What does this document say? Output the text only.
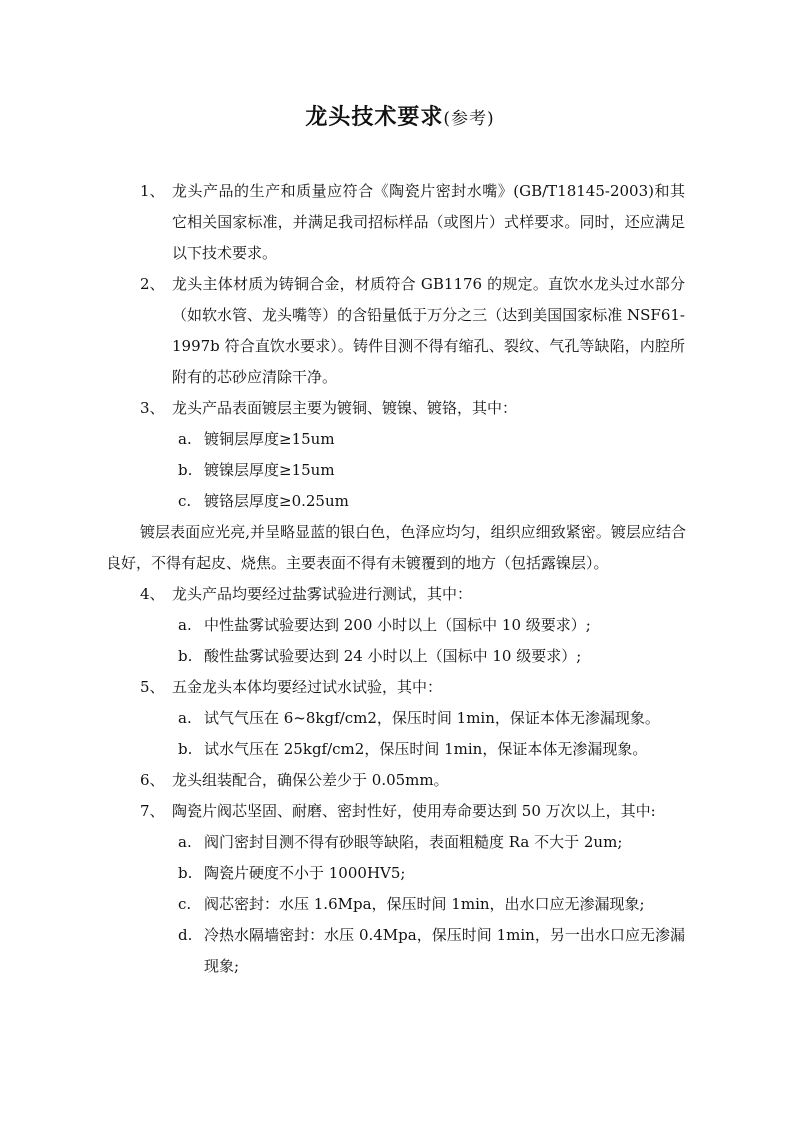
龙头技术要求(参考)
1、 龙头产品的生产和质量应符合《陶瓷片密封水嘴》(GB/T18145-2003)和其它相关国家标准，并满足我司招标样品（或图片）式样要求。同时，还应满足以下技术要求。
2、 龙头主体材质为铸铜合金，材质符合 GB1176 的规定。直饮水龙头过水部分（如软水管、龙头嘴等）的含铅量低于万分之三（达到美国国家标准 NSF61-1997b 符合直饮水要求）。铸件目测不得有缩孔、裂纹、气孔等缺陷，内腔所附有的芯砂应清除干净。
3、 龙头产品表面镀层主要为镀铜、镀镍、镀铬，其中：
a. 镀铜层厚度≥15um
b. 镀镍层厚度≥15um
c. 镀铬层厚度≥0.25um

镀层表面应光亮,并呈略显蓝的银白色，色泽应均匀，组织应细致紧密。镀层应结合良好，不得有起皮、烧焦。主要表面不得有未镀覆到的地方（包括露镍层）。

4、 龙头产品均要经过盐雾试验进行测试，其中：
a. 中性盐雾试验要达到 200 小时以上（国标中 10 级要求）;
b. 酸性盐雾试验要达到 24 小时以上（国标中 10 级要求）;
5、 五金龙头本体均要经过试水试验，其中：
a. 试气气压在 6~8kgf/cm2，保压时间 1min，保证本体无渗漏现象。
b. 试水气压在 25kgf/cm2，保压时间 1min，保证本体无渗漏现象。
6、 龙头组装配合，确保公差少于 0.05mm。
7、 陶瓷片阀芯坚固、耐磨、密封性好，使用寿命要达到 50 万次以上，其中:
a. 阀门密封目测不得有砂眼等缺陷，表面粗糙度 Ra 不大于 2um;
b. 陶瓷片硬度不小于 1000HV5;
c. 阀芯密封：水压 1.6Mpa，保压时间 1min，出水口应无渗漏现象;
d. 冷热水隔墙密封：水压 0.4Mpa，保压时间 1min，另一出水口应无渗漏现象;
